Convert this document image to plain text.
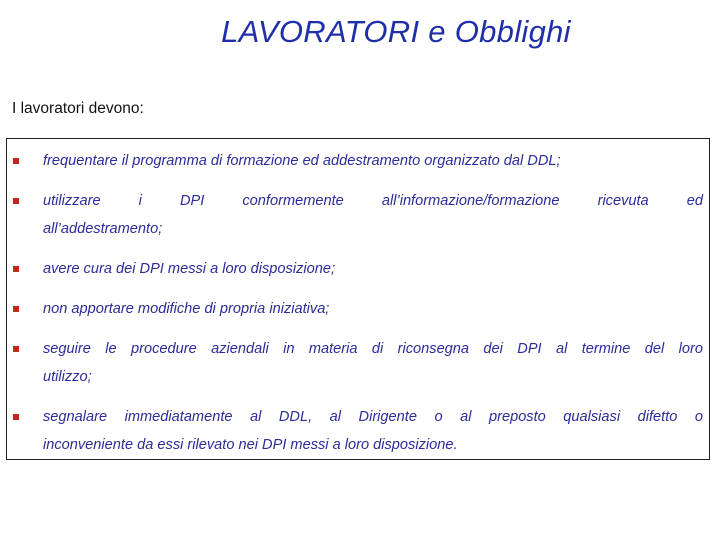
LAVORATORI e Obblighi
I lavoratori devono:
frequentare il programma di formazione ed addestramento organizzato dal DDL;
utilizzare i DPI conformemente all’informazione/formazione ricevuta ed
all’addestramento;
avere cura dei DPI messi a loro disposizione;
non apportare modifiche di propria iniziativa;
seguire le procedure aziendali in materia di riconsegna dei DPI al termine del loro
utilizzo;
segnalare immediatamente al DDL, al Dirigente o al preposto qualsiasi difetto o
inconveniente da essi rilevato nei DPI messi a loro disposizione.
